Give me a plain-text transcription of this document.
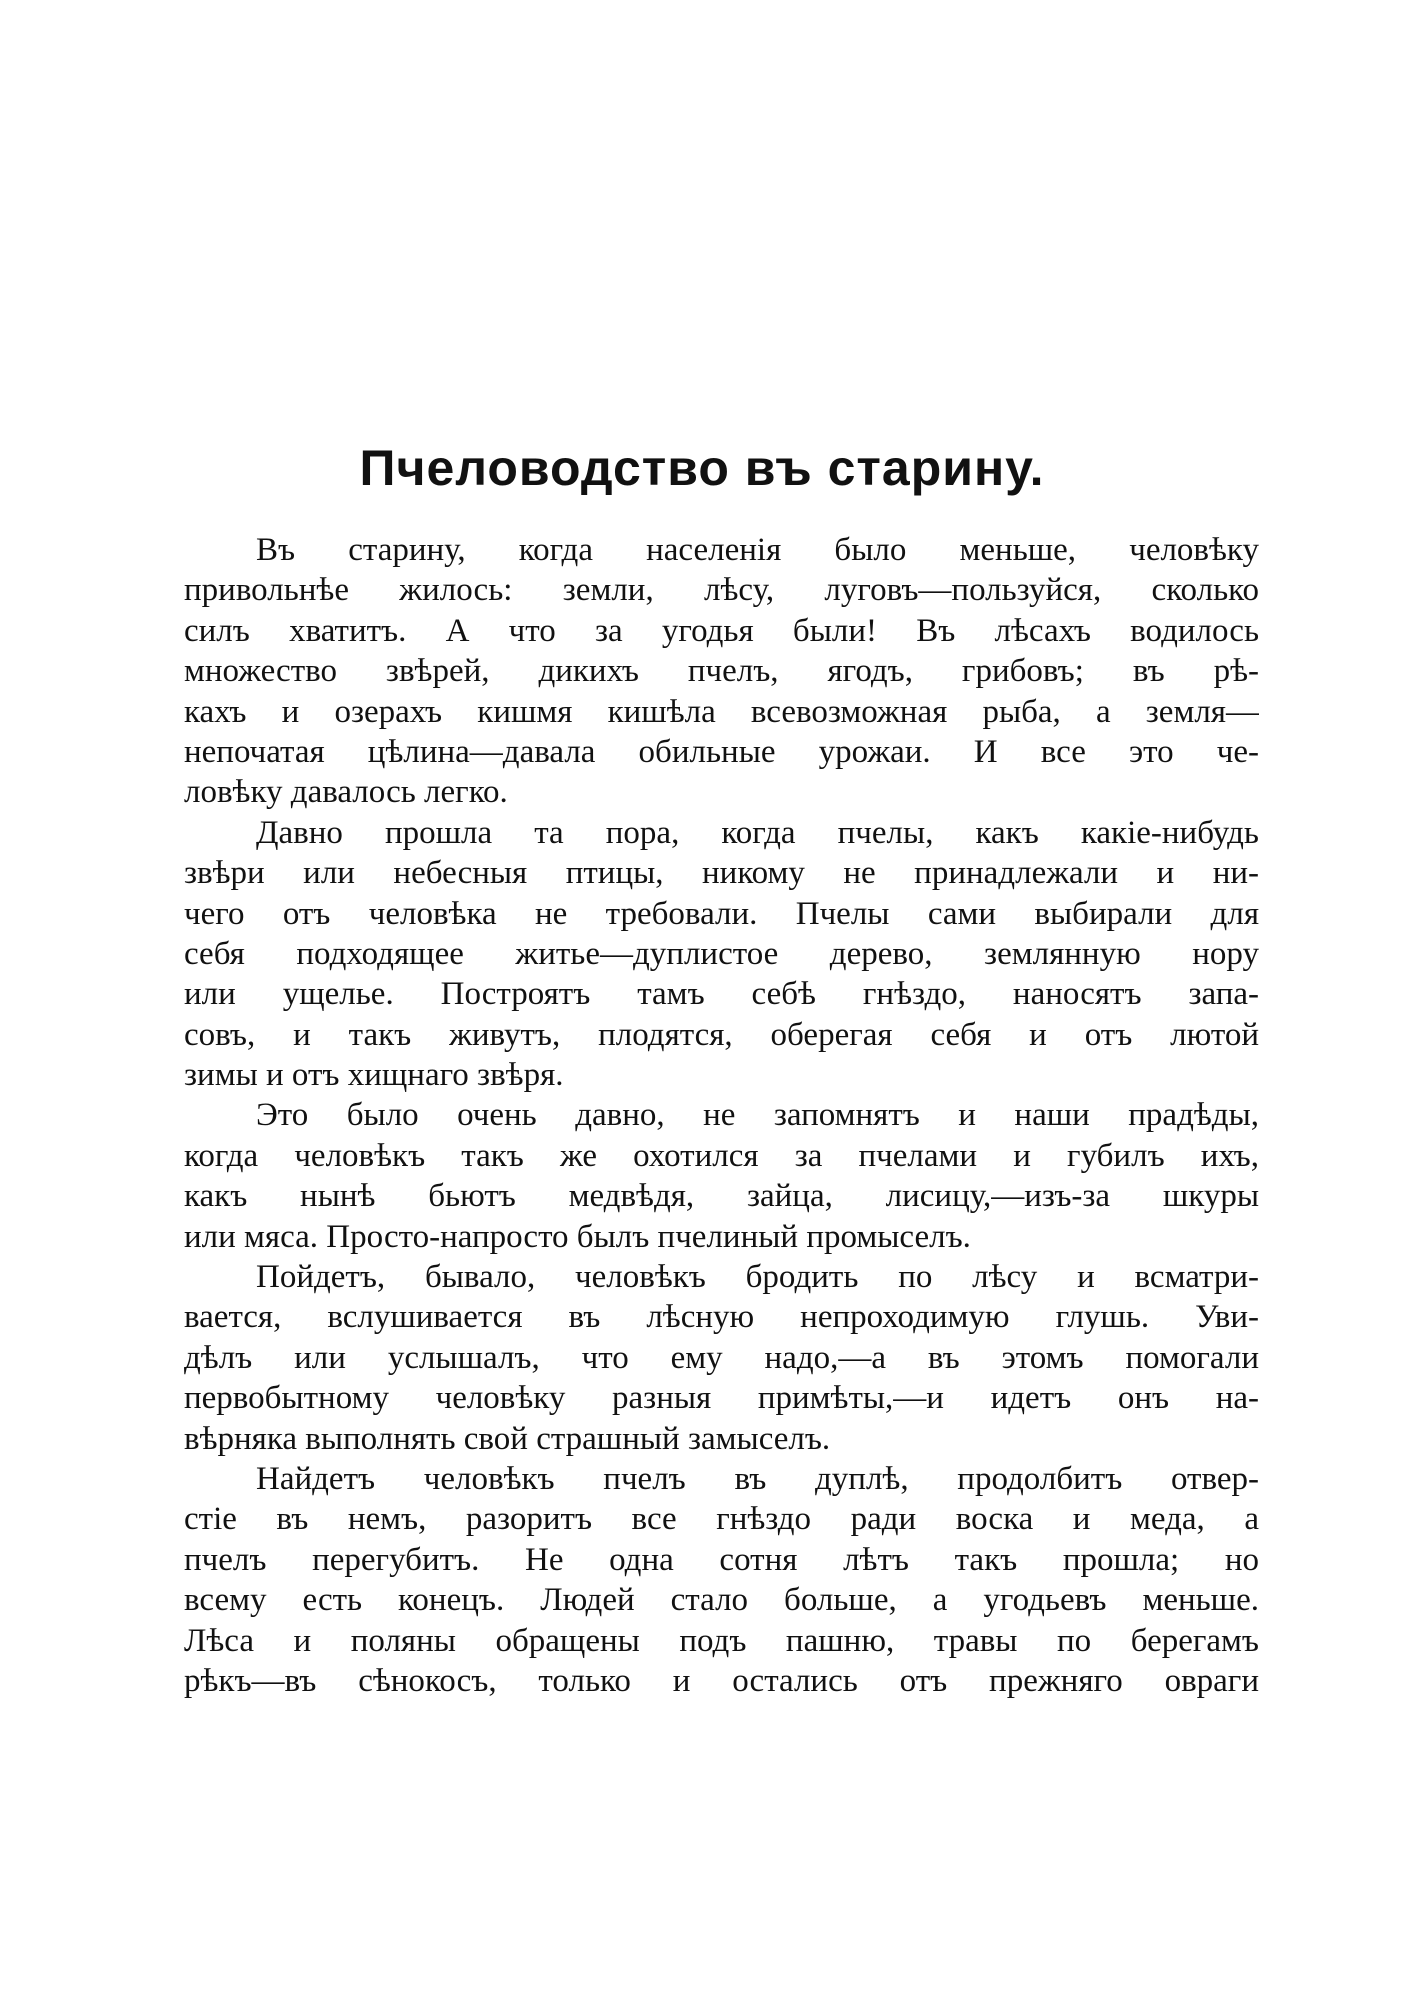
Пчеловодство въ старину.

Въ старину, когда населенія было меньше, человѣку
привольнѣе жилось: земли, лѣсу, луговъ—пользуйся, сколько
силъ хватитъ. А что за угодья были! Въ лѣсахъ водилось
множество звѣрей, дикихъ пчелъ, ягодъ, грибовъ; въ рѣ-
кахъ и озерахъ кишмя кишѣла всевозможная рыба, а земля—
непочатая цѣлина—давала обильные урожаи. И все это че-
ловѣку давалось легко.

Давно прошла та пора, когда пчелы, какъ какіе-нибудь
звѣри или небесныя птицы, никому не принадлежали и ни-
чего отъ человѣка не требовали. Пчелы сами выбирали для
себя подходящее житье—дуплистое дерево, землянную нору
или ущелье. Построятъ тамъ себѣ гнѣздо, наносятъ запа-
совъ, и такъ живутъ, плодятся, оберегая себя и отъ лютой
зимы и отъ хищнаго звѣря.

Это было очень давно, не запомнятъ и наши прадѣды,
когда человѣкъ такъ же охотился за пчелами и губилъ ихъ,
какъ нынѣ бьютъ медвѣдя, зайца, лисицу,—изъ-за шкуры
или мяса. Просто-напросто былъ пчелиный промыселъ.

Пойдетъ, бывало, человѣкъ бродить по лѣсу и всматри-
вается, вслушивается въ лѣсную непроходимую глушь. Уви-
дѣлъ или услышалъ, что ему надо,—а въ этомъ помогали
первобытному человѣку разныя примѣты,—и идетъ онъ на-
вѣрняка выполнять свой страшный замыселъ.

Найдетъ человѣкъ пчелъ въ дуплѣ, продолбитъ отвер-
стіе въ немъ, разоритъ все гнѣздо ради воска и меда, а
пчелъ перегубитъ. Не одна сотня лѣтъ такъ прошла; но
всему есть конецъ. Людей стало больше, а угодьевъ меньше.
Лѣса и поляны обращены подъ пашню, травы по берегамъ
рѣкъ—въ сѣнокосъ, только и остались отъ прежняго овраги
